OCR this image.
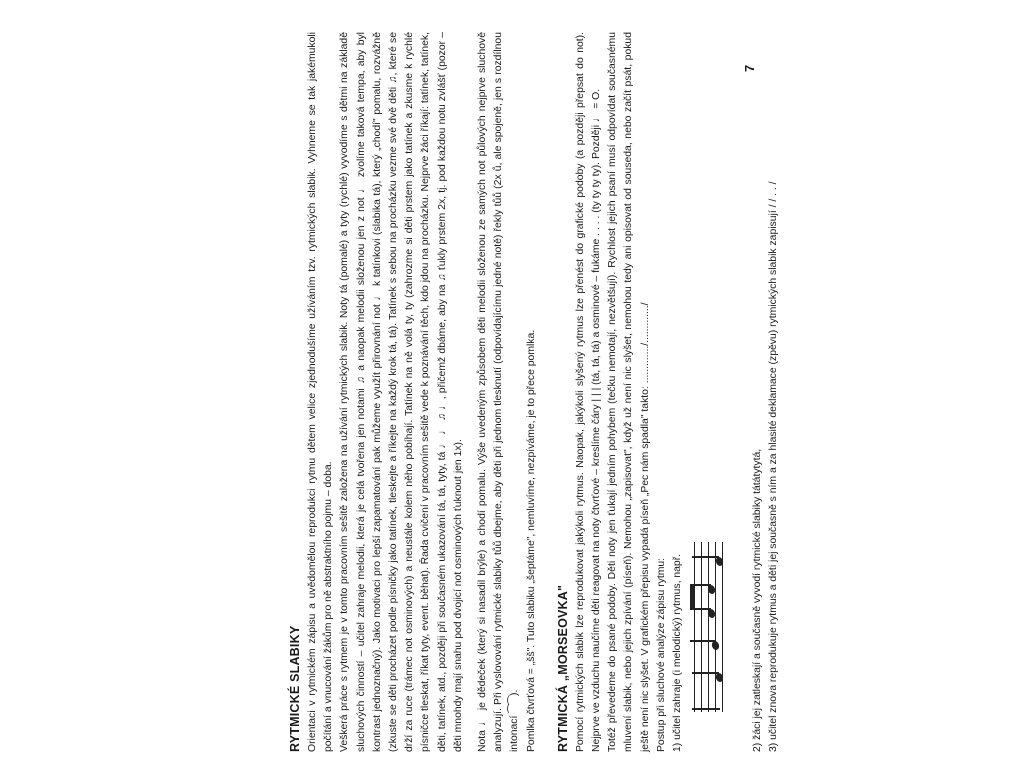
RYTMICKÉ SLABIKY Orientaci v rytmickém zápisu a uvědomělou reprodukci rytmu dětem velice zjednodušíme užíváním tzv. rytmických slabik. Vyhneme se tak jakémukoli počítání a vnucování žákům pro ně abstraktního pojmu – doba. Veškerá práce s rytmem je v tomto pracovním sešitě založena na užívání rytmických slabik. Noty tá (pomalé) a tyty (rychlé) vyvodíme s dětmi na základě sluchových činností – učitel zahraje melodii, která je celá tvořena jen notami ♫ a naopak melodii složenou jen z not ♩ zvolíme taková tempa, aby byl kontrast jednoznačný). Jako motivaci pro lepší zapamatování pak můžeme využít přirovnání not ♩ k tatínkovi (slabika tá), který „chodí" pomalu, rozvážně (zkuste se děti procházet podle písničky jako tatínek, tleskejte a říkejte na každý krok tá, tá). Tatínek s sebou na procházku vezme své dvě děti ♫, které se drží za ruce (trámec not osminových) a neustále kolem něho pobíhají. Tatínek na ně volá ty, ty (zahrozme si děti prstem jako tatínek a zkusme k rychlé písničce tleskat, říkat tyty, event. běhat). Řada cvičení v pracovním sešitě vede k poznávání těch, kdo jdou na procházku. Nejprve žáci říkají: tatínek, tatínek, děti, tatínek, atd., později při současném ukazování tá, tá, tyty, tá ♩ ♩ ♫ ♩, přičemž dbáme, aby na ♫ ťukly prstem 2x, tj. pod každou notu zvlášť (pozor – děti mnohdy mají snahu pod dvojicí not osminových ťuknout jen 1x).	Nota ♩ je dědeček (který si nasadil brýle) a chodí pomalu. Výše uvedeným způsobem děti melodii složenou ze samých not půlových nejprve sluchově analyzují. Při vyslovování rytmické slabiky tůů dbejme, aby děti při jednom tlesknutí (odpovídajícímu jedné notě) řekly tůů (2x ů, ale spojeně, jen s rozdílnou intonací ⁀⁀). Pomlka čtvrťová = „šš". Tuto slabiku „šeptáme", nemluvíme, nezpíváme, je to přece pomlka. RYTMICKÁ „MORSEOVKA" Pomocí rytmických slabik lze reprodukovat jakýkoli rytmus. Naopak, jakýkoli slyšený rytmus lze přenést do grafické podoby (a později přepsat do not). Nejprve ve vzduchu naučíme děti reagovat na noty čtvrťové – kreslíme čáry | | | (tá, tá, tá) a osminové – fukáme . . . . (ty ty ty ty). Později ♩ = O. Totéž převedeme do psané podoby. Děti noty jen ťukají jedním pohybem (tečku nemotají, nezvětšují). Rychlost jejich psaní musí odpovídat současnému mluvení slabik, nebo jejich zpívání (píseň). Nemohou „zapisovat", když už není nic slyšet, nemohou tedy ani opisovat od souseda, nebo začít psát, pokud ještě není nic slyšet. V grafickém přepisu vypadá píseň „Pec nám spadla" takto: ............./............./ Postup při sluchové analýze zápisu rytmu: 1) učitel zahraje (i melodický) rytmus, např.	2) žáci jej zatleskají a současně vyvodí rytmické slabiky tátátytytá, 3) učitel znova reprodukuje rytmus a děti jej současně s ním a za hlasité deklamace (zpěvu) rytmických slabik zapisují / / . . /

7
